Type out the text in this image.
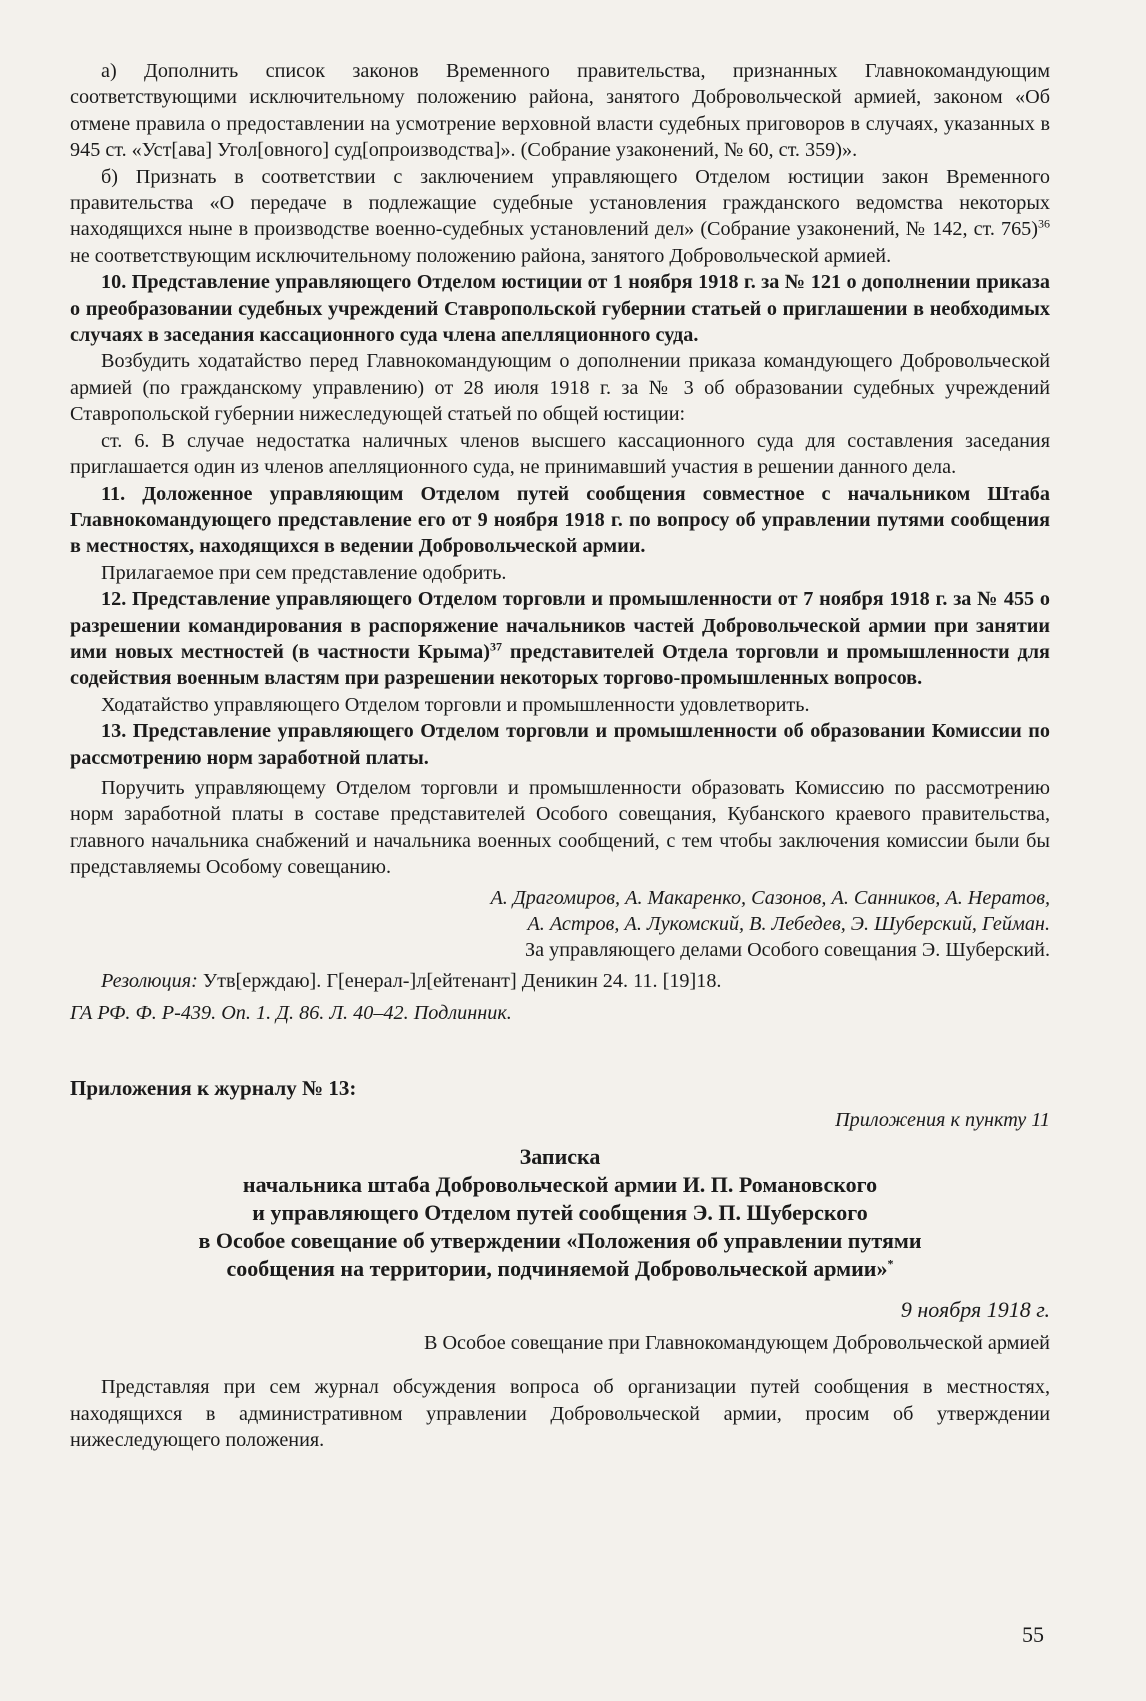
а) Дополнить список законов Временного правительства, признанных Главнокомандующим соответствующими исключительному положению района, занятого Добровольческой армией, законом «Об отмене правила о предоставлении на усмотрение верховной власти судебных приговоров в случаях, указанных в 945 ст. «Уст[ава] Угол[овного] суд[опроизводства]». (Собрание узаконений, № 60, ст. 359)».

б) Признать в соответствии с заключением управляющего Отделом юстиции закон Временного правительства «О передаче в подлежащие судебные установления гражданского ведомства некоторых находящихся ныне в производстве военно-судебных установлений дел» (Собрание узаконений, № 142, ст. 765)$^{36}$ не соответствующим исключительному положению района, занятого Добровольческой армией.

10. Представление управляющего Отделом юстиции от 1 ноября 1918 г. за № 121 о дополнении приказа о преобразовании судебных учреждений Ставропольской губернии статьей о приглашении в необходимых случаях в заседания кассационного суда члена апелляционного суда.

Возбудить ходатайство перед Главнокомандующим о дополнении приказа командующего Добровольческой армией (по гражданскому управлению) от 28 июля 1918 г. за № 3 об образовании судебных учреждений Ставропольской губернии нижеследующей статьей по общей юстиции:

ст. 6. В случае недостатка наличных членов высшего кассационного суда для составления заседания приглашается один из членов апелляционного суда, не принимавший участия в решении данного дела.

11. Доложенное управляющим Отделом путей сообщения совместное с начальником Штаба Главнокомандующего представление его от 9 ноября 1918 г. по вопросу об управлении путями сообщения в местностях, находящихся в ведении Добровольческой армии.

Прилагаемое при сем представление одобрить.

12. Представление управляющего Отделом торговли и промышленности от 7 ноября 1918 г. за № 455 о разрешении командирования в распоряжение начальников частей Добровольческой армии при занятии ими новых местностей (в частности Крыма)$^{37}$ представителей Отдела торговли и промышленности для содействия военным властям при разрешении некоторых торгово-промышленных вопросов.

Ходатайство управляющего Отделом торговли и промышленности удовлетворить.

13. Представление управляющего Отделом торговли и промышленности об образовании Комиссии по рассмотрению норм заработной платы.

Поручить управляющему Отделом торговли и промышленности образовать Комиссию по рассмотрению норм заработной платы в составе представителей Особого совещания, Кубанского краевого правительства, главного начальника снабжений и начальника военных сообщений, с тем чтобы заключения комиссии были бы представляемы Особому совещанию.

А. Драгомиров, А. Макаренко, Сазонов, А. Санников, А. Нератов,

А. Астров, А. Лукомский, В. Лебедев, Э. Шуберский, Гейман.

За управляющего делами Особого совещания Э. Шуберский.

Резолюция: Утв[ерждаю]. Г[енерал-]л[ейтенант] Деникин 24. 11. [19]18.

ГА РФ. Ф. Р-439. Оп. 1. Д. 86. Л. 40–42. Подлинник.

Приложения к журналу № 13:

Приложения к пункту 11

Записка
начальника штаба Добровольческой армии И. П. Романовского
и управляющего Отделом путей сообщения Э. П. Шуберского
в Особое совещание об утверждении «Положения об управлении путями
сообщения на территории, подчиняемой Добровольческой армии»*

9 ноября 1918 г.

В Особое совещание при Главнокомандующем Добровольческой армией

Представляя при сем журнал обсуждения вопроса об организации путей сообщения в местностях, находящихся в административном управлении Добровольческой армии, просим об утверждении нижеследующего положения.

55
